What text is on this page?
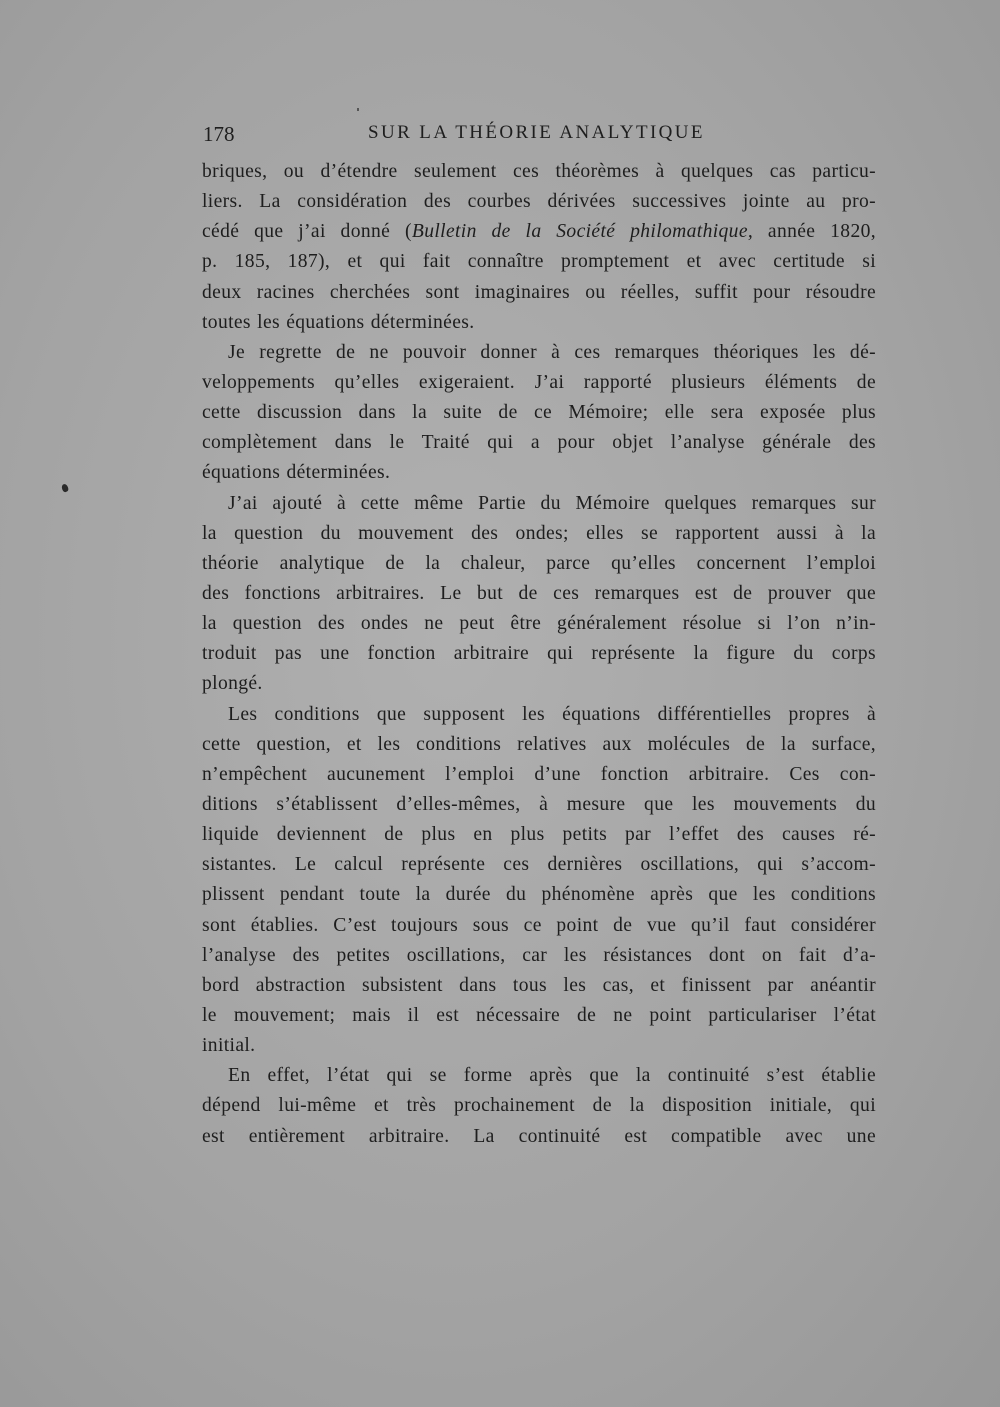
178	SUR LA THÉORIE ANALYTIQUE
briques, ou d’étendre seulement ces théorèmes à quelques cas particu-
liers. La considération des courbes dérivées successives jointe au pro-
cédé que j’ai donné (Bulletin de la Société philomathique, année 1820,
p. 185, 187), et qui fait connaître promptement et avec certitude si
deux racines cherchées sont imaginaires ou réelles, suffit pour résoudre
toutes les équations déterminées.
Je regrette de ne pouvoir donner à ces remarques théoriques les dé-
veloppements qu’elles exigeraient. J’ai rapporté plusieurs éléments de
cette discussion dans la suite de ce Mémoire; elle sera exposée plus
complètement dans le Traité qui a pour objet l’analyse générale des
équations déterminées.
J’ai ajouté à cette même Partie du Mémoire quelques remarques sur
la question du mouvement des ondes; elles se rapportent aussi à la
théorie analytique de la chaleur, parce qu’elles concernent l’emploi
des fonctions arbitraires. Le but de ces remarques est de prouver que
la question des ondes ne peut être généralement résolue si l’on n’in-
troduit pas une fonction arbitraire qui représente la figure du corps
plongé.
Les conditions que supposent les équations différentielles propres à
cette question, et les conditions relatives aux molécules de la surface,
n’empêchent aucunement l’emploi d’une fonction arbitraire. Ces con-
ditions s’établissent d’elles-mêmes, à mesure que les mouvements du
liquide deviennent de plus en plus petits par l’effet des causes ré-
sistantes. Le calcul représente ces dernières oscillations, qui s’accom-
plissent pendant toute la durée du phénomène après que les conditions
sont établies. C’est toujours sous ce point de vue qu’il faut considérer
l’analyse des petites oscillations, car les résistances dont on fait d’a-
bord abstraction subsistent dans tous les cas, et finissent par anéantir
le mouvement; mais il est nécessaire de ne point particulariser l’état
initial.
En effet, l’état qui se forme après que la continuité s’est établie
dépend lui-même et très prochainement de la disposition initiale, qui
est entièrement arbitraire. La continuité est compatible avec une
